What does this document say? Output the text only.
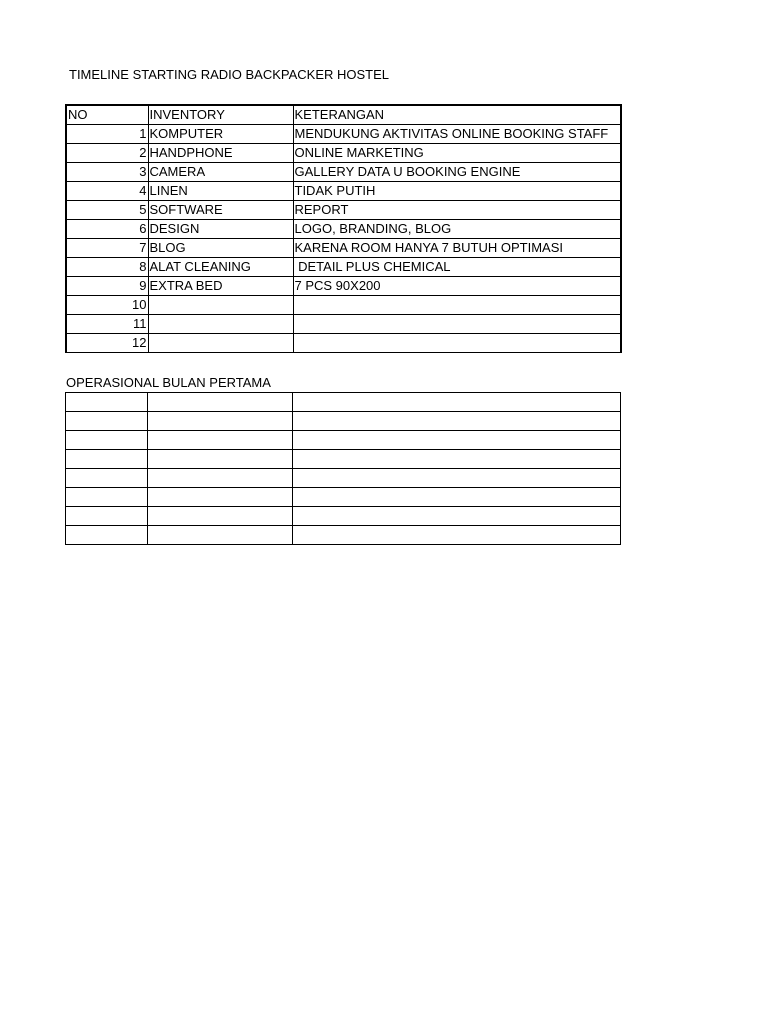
TIMELINE STARTING RADIO BACKPACKER HOSTEL
NO	INVENTORY	KETERANGAN
1	KOMPUTER	MENDUKUNG AKTIVITAS ONLINE BOOKING STAFF
2	HANDPHONE	ONLINE MARKETING
3	CAMERA	GALLERY DATA U BOOKING ENGINE
4	LINEN	TIDAK PUTIH
5	SOFTWARE	REPORT
6	DESIGN	LOGO, BRANDING, BLOG
7	BLOG	KARENA ROOM HANYA 7 BUTUH OPTIMASI
8	ALAT CLEANING	DETAIL PLUS CHEMICAL
9	EXTRA BED	7 PCS 90X200
10		
11		
12		
OPERASIONAL BULAN PERTAMA
